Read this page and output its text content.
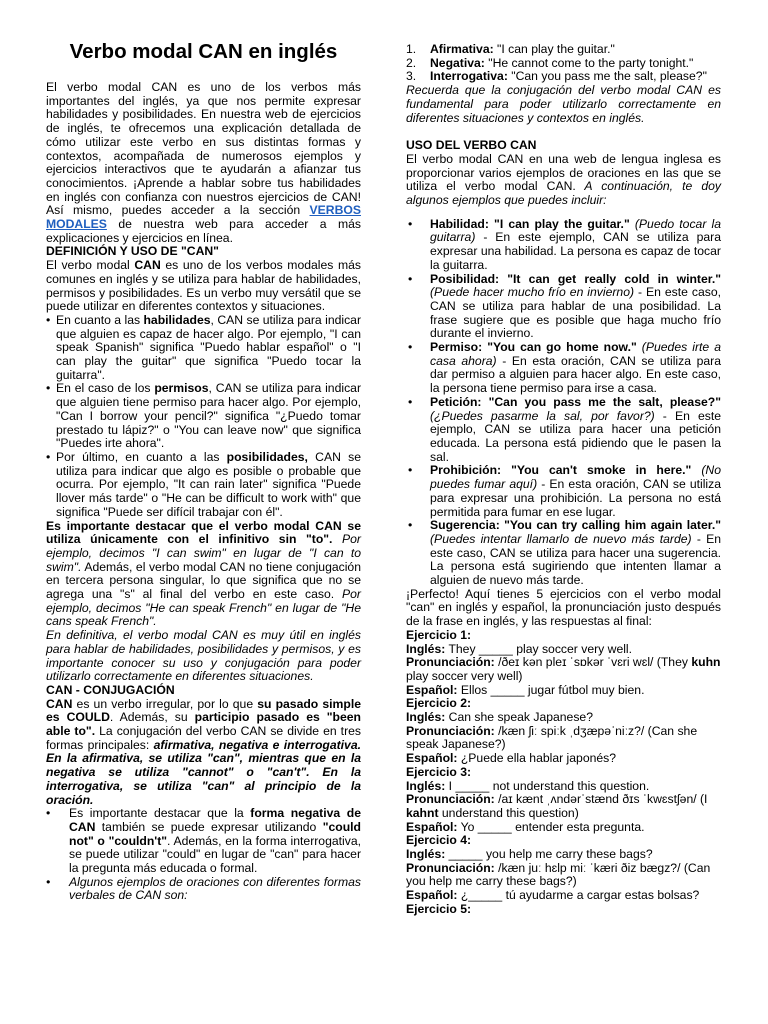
Verbo modal CAN en inglés

El verbo modal CAN es uno de los verbos más importantes del inglés, ya que nos permite expresar habilidades y posibilidades. En nuestra web de ejercicios de inglés, te ofrecemos una explicación detallada de cómo utilizar este verbo en sus distintas formas y contextos, acompañada de numerosos ejemplos y ejercicios interactivos que te ayudarán a afianzar tus conocimientos. ¡Aprende a hablar sobre tus habilidades en inglés con confianza con nuestros ejercicios de CAN! Así mismo, puedes acceder a la sección VERBOS MODALES de nuestra web para acceder a más explicaciones y ejercicios en línea.

DEFINICIÓN Y USO DE "CAN"

El verbo modal CAN es uno de los verbos modales más comunes en inglés y se utiliza para hablar de habilidades, permisos y posibilidades. Es un verbo muy versátil que se puede utilizar en diferentes contextos y situaciones.

• En cuanto a las habilidades, CAN se utiliza para indicar que alguien es capaz de hacer algo. Por ejemplo, "I can speak Spanish" significa "Puedo hablar español" o "I can play the guitar" que significa "Puedo tocar la guitarra".
• En el caso de los permisos, CAN se utiliza para indicar que alguien tiene permiso para hacer algo. Por ejemplo, "Can I borrow your pencil?" significa "¿Puedo tomar prestado tu lápiz?" o "You can leave now" que significa "Puedes irte ahora".
• Por último, en cuanto a las posibilidades, CAN se utiliza para indicar que algo es posible o probable que ocurra. Por ejemplo, "It can rain later" significa "Puede llover más tarde" o "He can be difficult to work with" que significa "Puede ser difícil trabajar con él".

Es importante destacar que el verbo modal CAN se utiliza únicamente con el infinitivo sin "to". Por ejemplo, decimos "I can swim" en lugar de "I can to swim". Además, el verbo modal CAN no tiene conjugación en tercera persona singular, lo que significa que no se agrega una "s" al final del verbo en este caso. Por ejemplo, decimos "He can speak French" en lugar de "He cans speak French".

En definitiva, el verbo modal CAN es muy útil en inglés para hablar de habilidades, posibilidades y permisos, y es importante conocer su uso y conjugación para poder utilizarlo correctamente en diferentes situaciones.

CAN - CONJUGACIÓN

CAN es un verbo irregular, por lo que su pasado simple es COULD. Además, su participio pasado es "been able to". La conjugación del verbo CAN se divide en tres formas principales: afirmativa, negativa e interrogativa. En la afirmativa, se utiliza "can", mientras que en la negativa se utiliza "cannot" o "can't". En la interrogativa, se utiliza "can" al principio de la oración.

• Es importante destacar que la forma negativa de CAN también se puede expresar utilizando "could not" o "couldn't". Además, en la forma interrogativa, se puede utilizar "could" en lugar de "can" para hacer la pregunta más educada o formal.
• Algunos ejemplos de oraciones con diferentes formas verbales de CAN son:
1. Afirmativa: "I can play the guitar."
2. Negativa: "He cannot come to the party tonight."
3. Interrogativa: "Can you pass me the salt, please?"

Recuerda que la conjugación del verbo modal CAN es fundamental para poder utilizarlo correctamente en diferentes situaciones y contextos en inglés.

USO DEL VERBO CAN

El verbo modal CAN en una web de lengua inglesa es proporcionar varios ejemplos de oraciones en las que se utiliza el verbo modal CAN. A continuación, te doy algunos ejemplos que puedes incluir:

• Habilidad: "I can play the guitar." (Puedo tocar la guitarra) - En este ejemplo, CAN se utiliza para expresar una habilidad. La persona es capaz de tocar la guitarra.
• Posibilidad: "It can get really cold in winter." (Puede hacer mucho frío en invierno) - En este caso, CAN se utiliza para hablar de una posibilidad. La frase sugiere que es posible que haga mucho frío durante el invierno.
• Permiso: "You can go home now." (Puedes irte a casa ahora) - En esta oración, CAN se utiliza para dar permiso a alguien para hacer algo. En este caso, la persona tiene permiso para irse a casa.
• Petición: "Can you pass me the salt, please?" (¿Puedes pasarme la sal, por favor?) - En este ejemplo, CAN se utiliza para hacer una petición educada. La persona está pidiendo que le pasen la sal.
• Prohibición: "You can't smoke in here." (No puedes fumar aquí) - En esta oración, CAN se utiliza para expresar una prohibición. La persona no está permitida para fumar en ese lugar.
• Sugerencia: "You can try calling him again later." (Puedes intentar llamarlo de nuevo más tarde) - En este caso, CAN se utiliza para hacer una sugerencia. La persona está sugiriendo que intenten llamar a alguien de nuevo más tarde.

¡Perfecto! Aquí tienes 5 ejercicios con el verbo modal "can" en inglés y español, la pronunciación justo después de la frase en inglés, y las respuestas al final:

Ejercicio 1:
Inglés: They _____ play soccer very well.
Pronunciación: /ðeɪ kən pleɪ ˈsɒkər ˈvɛri wɛl/ (They kuhn play soccer very well)
Español: Ellos _____ jugar fútbol muy bien.
Ejercicio 2:
Inglés: Can she speak Japanese?
Pronunciación: /kæn ʃiː spiːk ˌdʒæpəˈniːz?/ (Can she speak Japanese?)
Español: ¿Puede ella hablar japonés?
Ejercicio 3:
Inglés: I _____ not understand this question.
Pronunciación: /aɪ kænt ˌʌndərˈstænd ðɪs ˈkwɛstʃən/ (I kahnt understand this question)
Español: Yo _____ entender esta pregunta.
Ejercicio 4:
Inglés: _____ you help me carry these bags?
Pronunciación: /kæn juː hɛlp miː ˈkæri ðiz bægz?/ (Can you help me carry these bags?)
Español: ¿_____ tú ayudarme a cargar estas bolsas?
Ejercicio 5:
